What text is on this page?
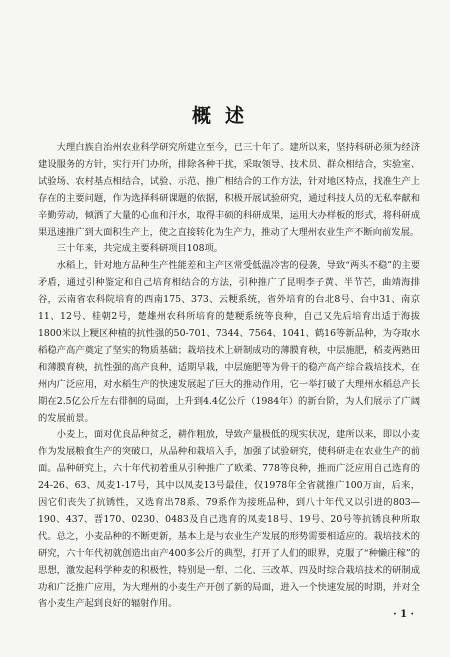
概述

大理白族自治州农业科学研究所建立至今，已三十年了。建所以来，坚持科研必须为经济建设服务的方针，实行开门办所，排除各种干扰，采取领导、技术员、群众相结合，实验室、试验场、农村基点相结合，试验、示范、推广相结合的工作方法，针对地区特点，找准生产上存在的主要问题，作为选择科研课题的依据，积极开展试验研究，通过科技人员的无私奉献和辛勤劳动，倾洒了大量的心血和汗水，取得丰硕的科研成果，运用大办样板的形式，将科研成果迅速推广到大面积生产上，使之直接转化为生产力，推动了大理州农业生产不断向前发展。

三十年来，共完成主要科研项目108项。

水稻上，针对地方品种生产性能差和主产区常受低温冷害的侵袭，导致“两头不稳”的主要矛盾，通过引种鉴定和自己培育相结合的方法，引种推广了昆明李子黄、半节芒，曲靖海排谷，云南省农科院培育的西南175、373、云粳系统，省外培育的台北8号、台中31、南京11、12号、桂朝2号，楚雄州农科所培育的楚粳系统等良种，自己又先后培育出适于海拔1800米以上粳区种植的抗性强的50-701、7344、7564、1041、鹤16等新品种，为夺取水稻稳产高产奠定了坚实的物质基础；栽培技术上研制成功的薄膜育秧，中层施肥，稻麦两熟田和薄膜育秧，抗性强的高产良种，适期早栽，中层施肥等为骨干的稳产高产综合栽培技术，在州内广泛应用，对水稻生产的快速发展起了巨大的推动作用，它一举打破了大理州水稻总产长期在2.5亿公斤左右徘徊的局面，上升到4.4亿公斤（1984年）的新台阶，为人们展示了广阔的发展前景。

小麦上，面对优良品种贫乏，耕作粗放，导致产量极低的现实状况，建所以来，即以小麦作为发展粮食生产的突破口，从品种和栽培入手，加强了试验研究，使科研走在农业生产的前面。品种研究上，六十年代初着重从引种推广了欧柔、778等良种，推而广泛应用自己选育的24-26、63、凤麦1-17号，其中以凤麦13号最佳，仅1978年全省就推广100万亩，后来，因它们丧失了抗锈性，又选育出78系、79系作为接班品种，到八十年代又以引进的803—190、437、晋170、0230、0483及自己选育的凤麦18号、19号、20号等抗锈良种所取代。总之，小麦品种的不断更新，基本上是与农业生产发展的形势需要相适应的。栽培技术的研究，六十年代初就创造出亩产400多公斤的典型，打开了人们的眼界，克服了“种懒庄稼”的思想，激发起科学种麦的积极性，特别是一犁、二化、三改革、四及时综合栽培技术的研制成功和广泛推广应用，为大理州的小麦生产开创了新的局面，进入一个快速发展的时期，并对全省小麦生产起到良好的辐射作用。

· 1 ·
